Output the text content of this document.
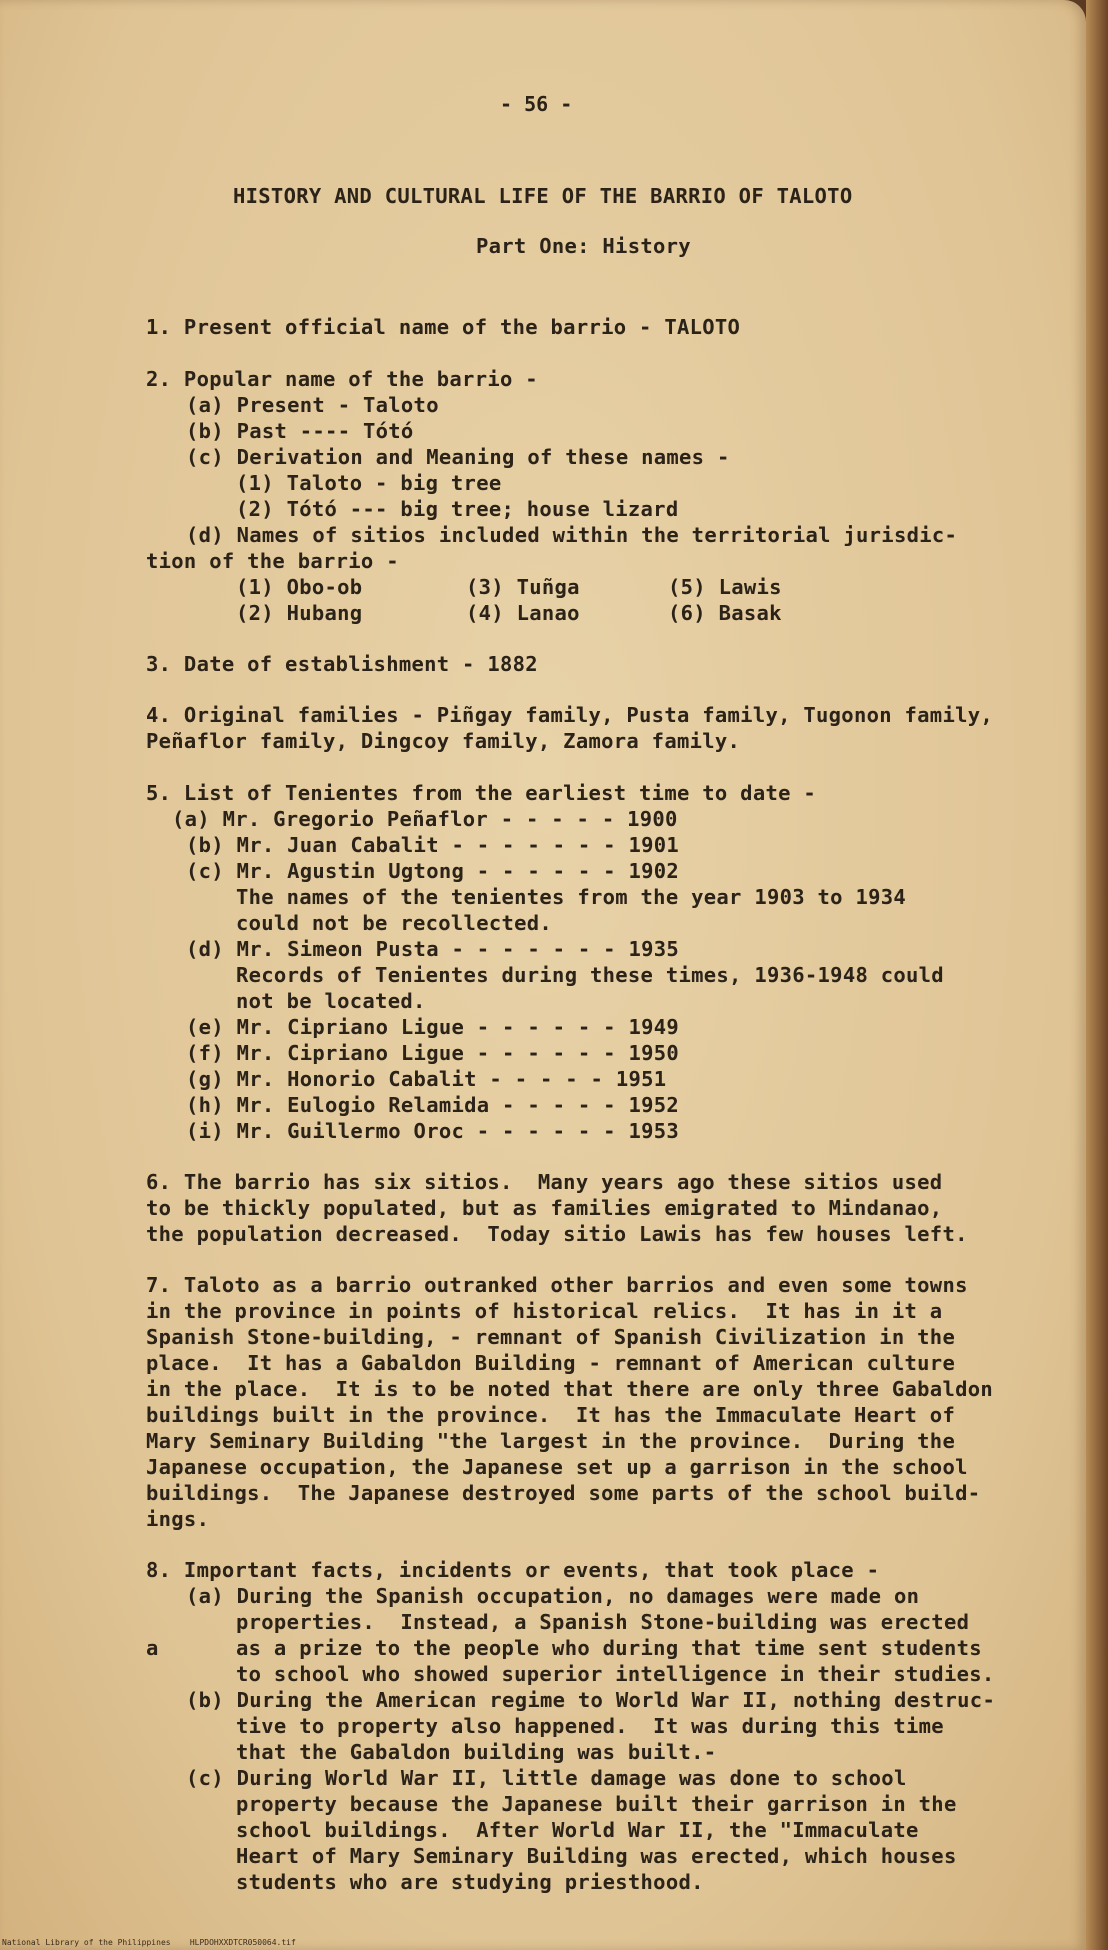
- 56 -
HISTORY AND CULTURAL LIFE OF THE BARRIO OF TALOTO
Part One: History
1. Present official name of the barrio - TALOTO
2. Popular name of the barrio -
(a) Present - Taloto
(b) Past ---- Tótó
(c) Derivation and Meaning of these names -
(1) Taloto - big tree
(2) Tótó --- big tree; house lizard
(d) Names of sitios included within the territorial jurisdic-
tion of the barrio -
(1) Obo-ob	(3) Tuñga	(5) Lawis
(2) Hubang	(4) Lanao	(6) Basak
3. Date of establishment - 1882
4. Original families - Piñgay family, Pusta family, Tugonon family,
Peñaflor family, Dingcoy family, Zamora family.
5. List of Tenientes from the earliest time to date -
(a) Mr. Gregorio Peñaflor - - - - - 1900
(b) Mr. Juan Cabalit - - - - - - - 1901
(c) Mr. Agustin Ugtong - - - - - - 1902
The names of the tenientes from the year 1903 to 1934
could not be recollected.
(d) Mr. Simeon Pusta - - - - - - - 1935
Records of Tenientes during these times, 1936-1948 could
not be located.
(e) Mr. Cipriano Ligue - - - - - - 1949
(f) Mr. Cipriano Ligue - - - - - - 1950
(g) Mr. Honorio Cabalit - - - - - 1951
(h) Mr. Eulogio Relamida - - - - - 1952
(i) Mr. Guillermo Oroc - - - - - - 1953
6. The barrio has six sitios.  Many years ago these sitios used
to be thickly populated, but as families emigrated to Mindanao,
the population decreased.  Today sitio Lawis has few houses left.
7. Taloto as a barrio outranked other barrios and even some towns
in the province in points of historical relics.  It has in it a
Spanish Stone-building, - remnant of Spanish Civilization in the
place.  It has a Gabaldon Building - remnant of American culture
in the place.  It is to be noted that there are only three Gabaldon
buildings built in the province.  It has the Immaculate Heart of
Mary Seminary Building "the largest in the province.  During the
Japanese occupation, the Japanese set up a garrison in the school
buildings.  The Japanese destroyed some parts of the school build-
ings.
8. Important facts, incidents or events, that took place -
(a) During the Spanish occupation, no damages were made on
properties.  Instead, a Spanish Stone-building was erected
a	as a prize to the people who during that time sent students
to school who showed superior intelligence in their studies.
(b) During the American regime to World War II, nothing destruc-
tive to property also happened.  It was during this time
that the Gabaldon building was built.-
(c) During World War II, little damage was done to school
property because the Japanese built their garrison in the
school buildings.  After World War II, the "Immaculate
Heart of Mary Seminary Building was erected, which houses
students who are studying priesthood.
National Library of the Philippines    HLPDOHXXDTCR050064.tif
